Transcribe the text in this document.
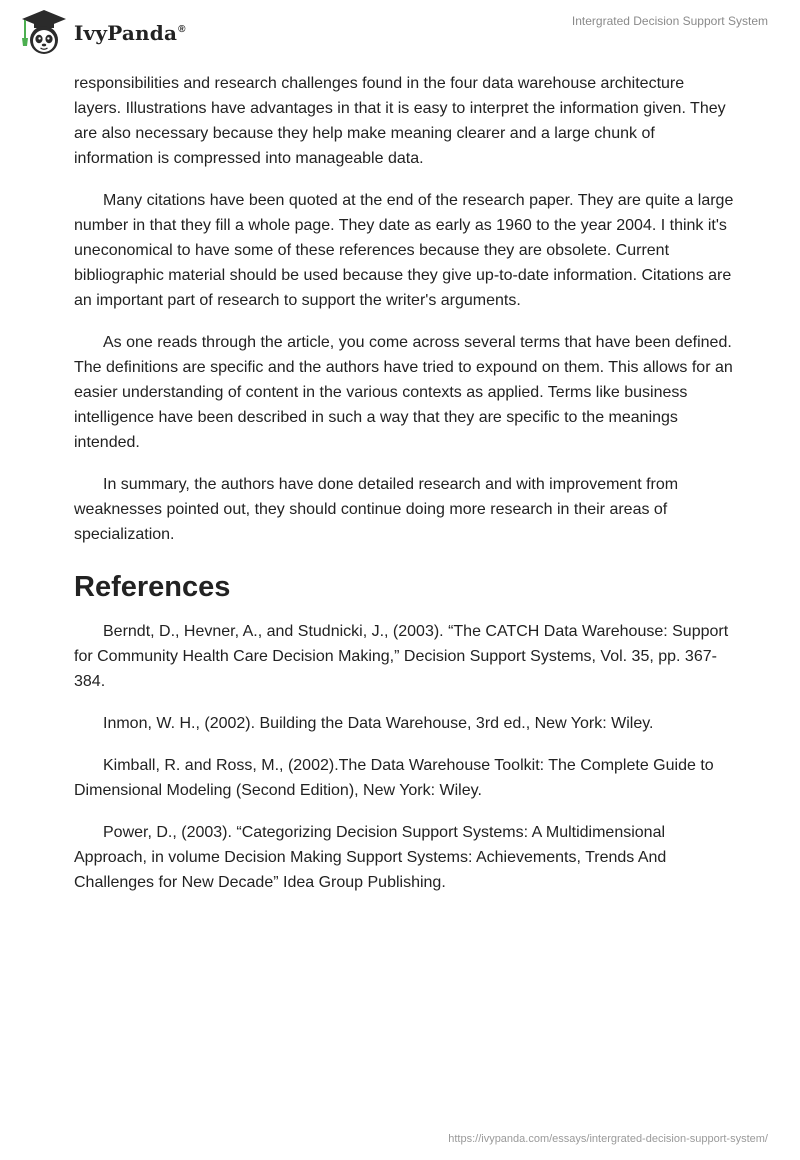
IvyPanda®
Intergrated Decision Support System

responsibilities and research challenges found in the four data warehouse architecture layers. Illustrations have advantages in that it is easy to interpret the information given. They are also necessary because they help make meaning clearer and a large chunk of information is compressed into manageable data.

Many citations have been quoted at the end of the research paper. They are quite a large number in that they fill a whole page. They date as early as 1960 to the year 2004. I think it's uneconomical to have some of these references because they are obsolete. Current bibliographic material should be used because they give up-to-date information. Citations are an important part of research to support the writer's arguments.

As one reads through the article, you come across several terms that have been defined. The definitions are specific and the authors have tried to expound on them. This allows for an easier understanding of content in the various contexts as applied. Terms like business intelligence have been described in such a way that they are specific to the meanings intended.

In summary, the authors have done detailed research and with improvement from weaknesses pointed out, they should continue doing more research in their areas of specialization.

References

Berndt, D., Hevner, A., and Studnicki, J., (2003). “The CATCH Data Warehouse: Support for Community Health Care Decision Making,” Decision Support Systems, Vol. 35, pp. 367-384.

Inmon, W. H., (2002). Building the Data Warehouse, 3rd ed., New York: Wiley.

Kimball, R. and Ross, M., (2002).The Data Warehouse Toolkit: The Complete Guide to Dimensional Modeling (Second Edition), New York: Wiley.

Power, D., (2003). “Categorizing Decision Support Systems: A Multidimensional Approach, in volume Decision Making Support Systems: Achievements, Trends And Challenges for New Decade” Idea Group Publishing.

https://ivypanda.com/essays/intergrated-decision-support-system/
